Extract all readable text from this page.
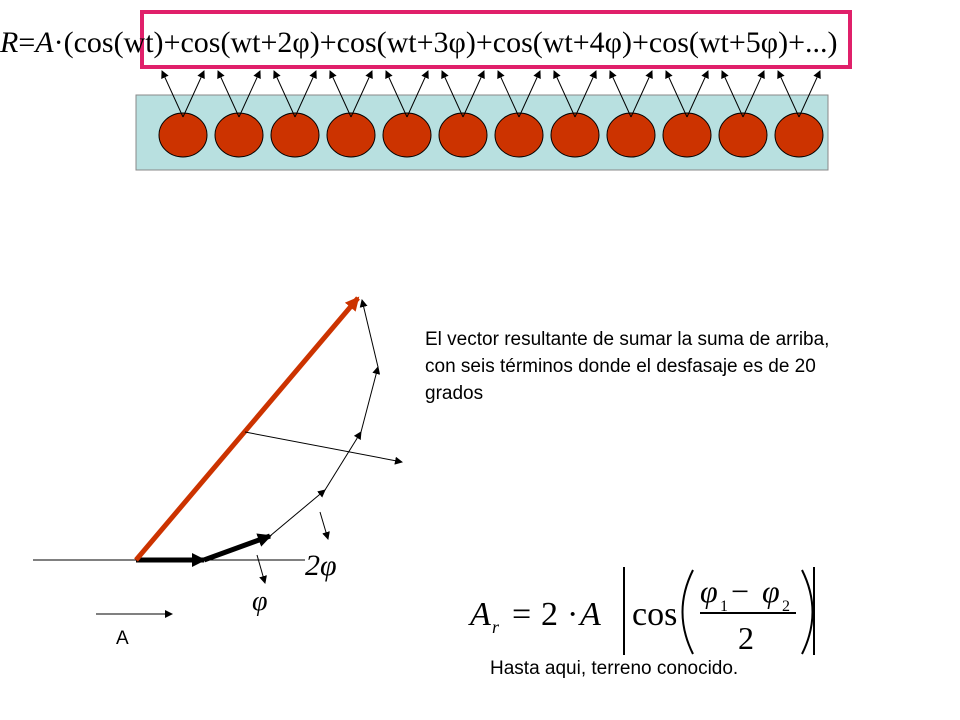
R=A·(cos(wt)+cos(wt+2φ)+cos(wt+3φ)+cos(wt+4φ)+cos(wt+5φ)+...)
2φ
φ
A
A r = 2 · A cos
φ 1 − φ 2
2

El vector resultante de sumar la suma de arriba,

con seis términos donde el desfasaje es de 20

grados

Hasta aqui, terreno conocido.
